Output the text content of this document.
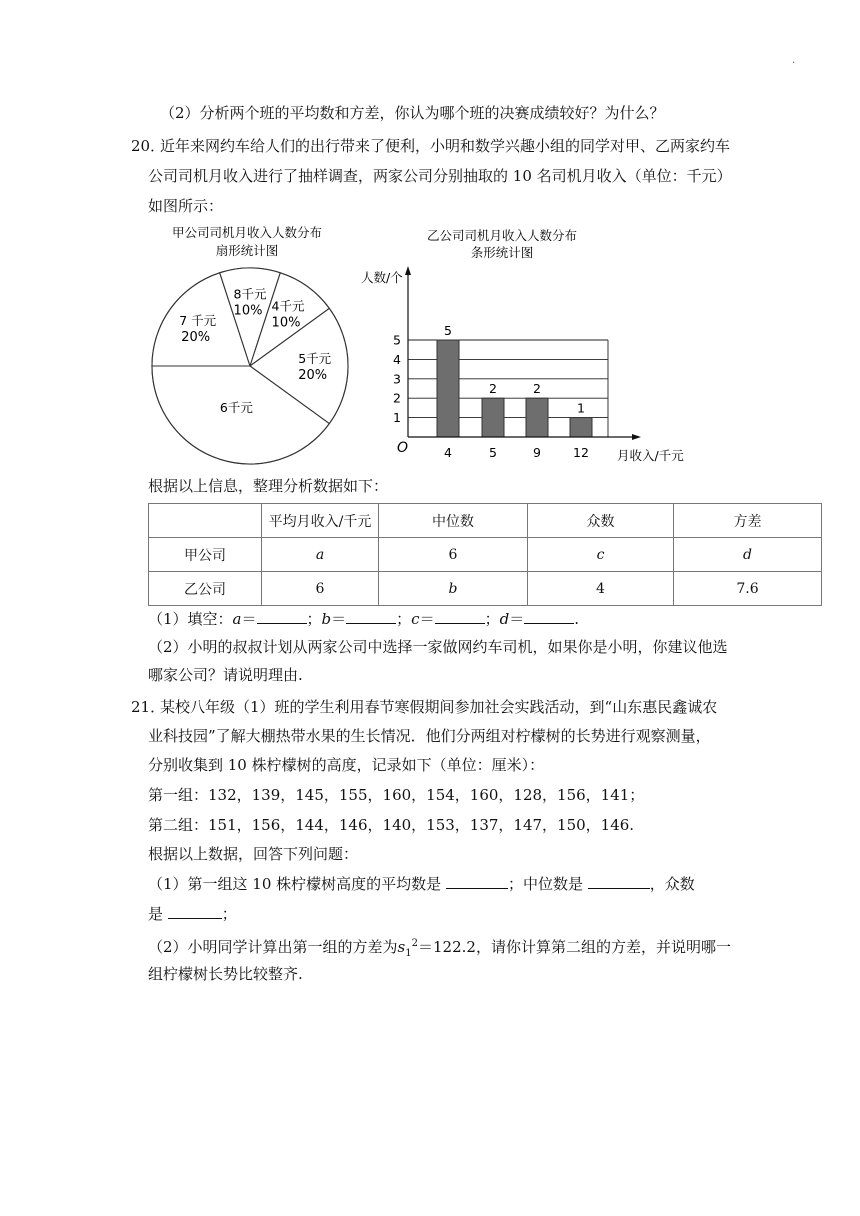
·
（2）分析两个班的平均数和方差，你认为哪个班的决赛成绩较好？为什么？
20．
近年来网约车给人们的出行带来了便利，小明和数学兴趣小组的同学对甲、乙两家约车
公司司机月收入进行了抽样调查，两家公司分别抽取的 10 名司机月收入（单位：千元）
如图所示：
甲公司司机月收入人数分布
扇形统计图
7 千元
20%
8千元
10% 4千元
10%
5千元
20%
6千元
乙公司司机月收入人数分布
条形统计图
人数/个
月收入/千元
O
1
2
3
4
5
5
4
2
5
2
9
1
12
根据以上信息，整理分析数据如下：
	平均月收入/千元	中位数	众数	方差
甲公司	a	6	c	d
乙公司	6	b	4	7.6
（1）填空：a＝	；b＝	；c＝	；d＝	.
（2）小明的叔叔计划从两家公司中选择一家做网约车司机，如果你是小明，你建议他选
哪家公司？请说明理由.
21．
某校八年级（1）班的学生利用春节寒假期间参加社会实践活动，到“山东惠民鑫诚农
业科技园”了解大棚热带水果的生长情况．他们分两组对柠檬树的长势进行观察测量，
分别收集到 10 株柠檬树的高度，记录如下（单位：厘米）：
第一组：132，139，145，155，160，154，160，128，156，141；
第二组：151，156，144，146，140，153，137，147，150，146.
根据以上数据，回答下列问题：
（1）第一组这 10 株柠檬树高度的平均数是	；中位数是	，众数
是	；
（2）小明同学计算出第一组的方差为$s_1^2=122.2$，请你计算第二组的方差，并说明哪一
组柠檬树长势比较整齐.
